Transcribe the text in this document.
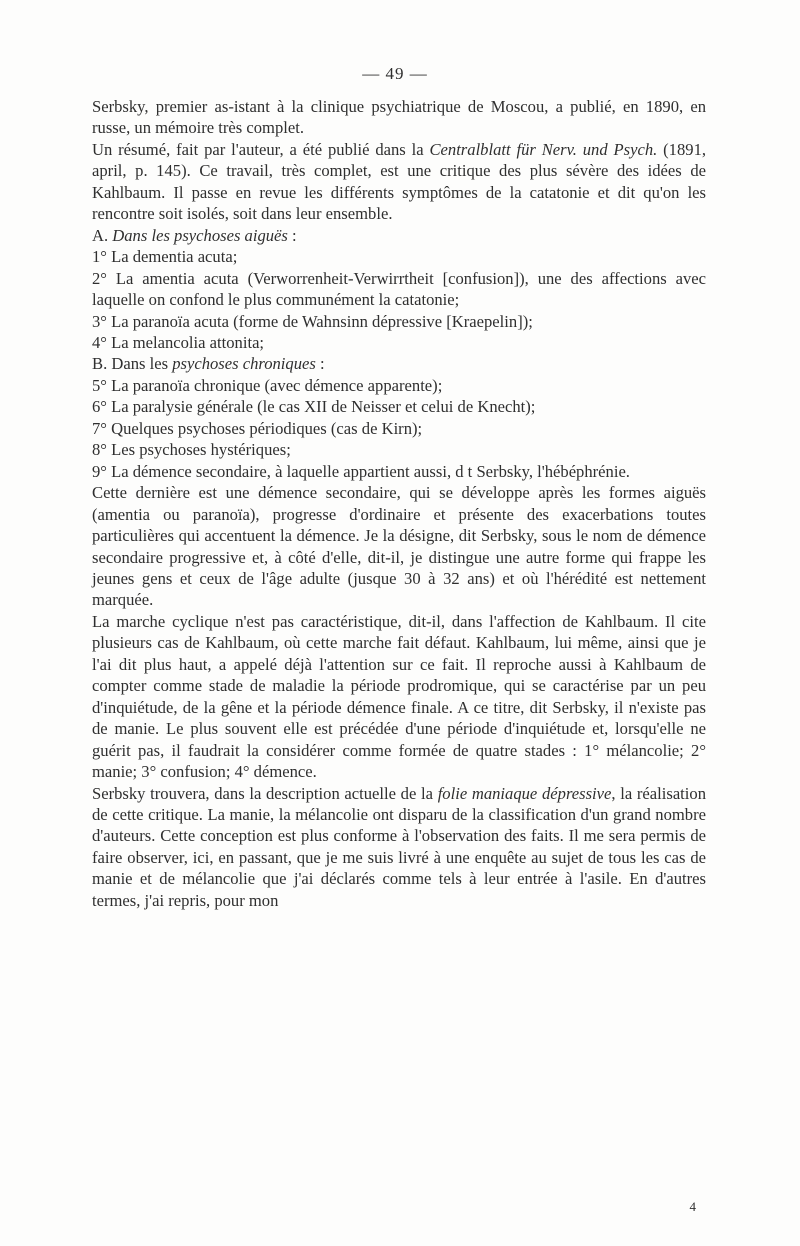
— 49 —

Serbsky, premier as-istant à la clinique psychiatrique de Moscou, a publié, en 1890, en russe, un mémoire très complet.

Un résumé, fait par l'auteur, a été publié dans la Centralblatt für Nerv. und Psych. (1891, april, p. 145). Ce travail, très complet, est une critique des plus sévère des idées de Kahlbaum. Il passe en revue les différents symptômes de la catatonie et dit qu'on les rencontre soit isolés, soit dans leur ensemble.

A. Dans les psychoses aiguës :

1° La dementia acuta;

2° La amentia acuta (Verworrenheit-Verwirrtheit [confusion]), une des affections avec laquelle on confond le plus communément la catatonie;

3° La paranoïa acuta (forme de Wahnsinn dépressive [Kraepelin]);

4° La melancolia attonita;

B. Dans les psychoses chroniques :

5° La paranoïa chronique (avec démence apparente);

6° La paralysie générale (le cas XII de Neisser et celui de Knecht);

7° Quelques psychoses périodiques (cas de Kirn);

8° Les psychoses hystériques;

9° La démence secondaire, à laquelle appartient aussi, d t Serbsky, l'hébéphrénie.

Cette dernière est une démence secondaire, qui se développe après les formes aiguës (amentia ou paranoïa), progresse d'ordinaire et présente des exacerbations toutes particulières qui accentuent la démence. Je la désigne, dit Serbsky, sous le nom de démence secondaire progressive et, à côté d'elle, dit-il, je distingue une autre forme qui frappe les jeunes gens et ceux de l'âge adulte (jusque 30 à 32 ans) et où l'hérédité est nettement marquée.

La marche cyclique n'est pas caractéristique, dit-il, dans l'affection de Kahlbaum. Il cite plusieurs cas de Kahlbaum, où cette marche fait défaut. Kahlbaum, lui même, ainsi que je l'ai dit plus haut, a appelé déjà l'attention sur ce fait. Il reproche aussi à Kahlbaum de compter comme stade de maladie la période prodromique, qui se caractérise par un peu d'inquiétude, de la gêne et la période démence finale. A ce titre, dit Serbsky, il n'existe pas de manie. Le plus souvent elle est précédée d'une période d'inquiétude et, lorsqu'elle ne guérit pas, il faudrait la considérer comme formée de quatre stades : 1° mélancolie; 2° manie; 3° confusion; 4° démence.

Serbsky trouvera, dans la description actuelle de la folie maniaque dépressive, la réalisation de cette critique. La manie, la mélancolie ont disparu de la classification d'un grand nombre d'auteurs. Cette conception est plus conforme à l'observation des faits. Il me sera permis de faire observer, ici, en passant, que je me suis livré à une enquête au sujet de tous les cas de manie et de mélancolie que j'ai déclarés comme tels à leur entrée à l'asile. En d'autres termes, j'ai repris, pour mon

4
